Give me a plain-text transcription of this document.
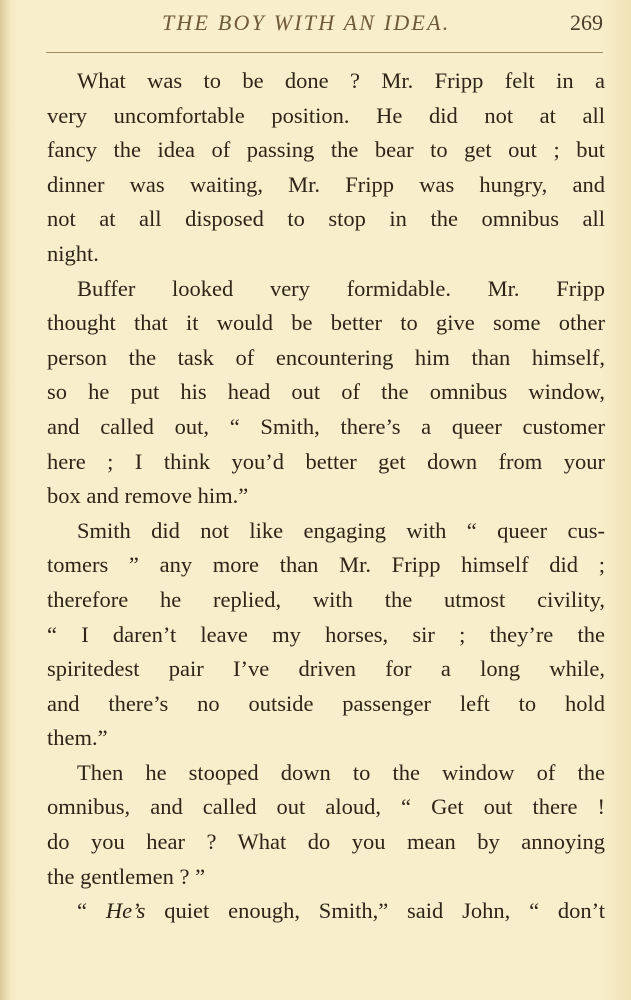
THE BOY WITH AN IDEA.	269
What was to be done ? Mr. Fripp felt in a
very uncomfortable position. He did not at all
fancy the idea of passing the bear to get out ; but
dinner was waiting, Mr. Fripp was hungry, and
not at all disposed to stop in the omnibus all
night.
Buffer looked very formidable. Mr. Fripp
thought that it would be better to give some other
person the task of encountering him than himself,
so he put his head out of the omnibus window,
and called out, “ Smith, there’s a queer customer
here ; I think you’d better get down from your
box and remove him.”
Smith did not like engaging with “ queer cus-
tomers ” any more than Mr. Fripp himself did ;
therefore he replied, with the utmost civility,
“ I daren’t leave my horses, sir ; they’re the
spiritedest pair I’ve driven for a long while,
and there’s no outside passenger left to hold
them.”
Then he stooped down to the window of the
omnibus, and called out aloud, “ Get out there !
do you hear ? What do you mean by annoying
the gentlemen ? ”
“ He’s quiet enough, Smith,” said John, “ don’t
